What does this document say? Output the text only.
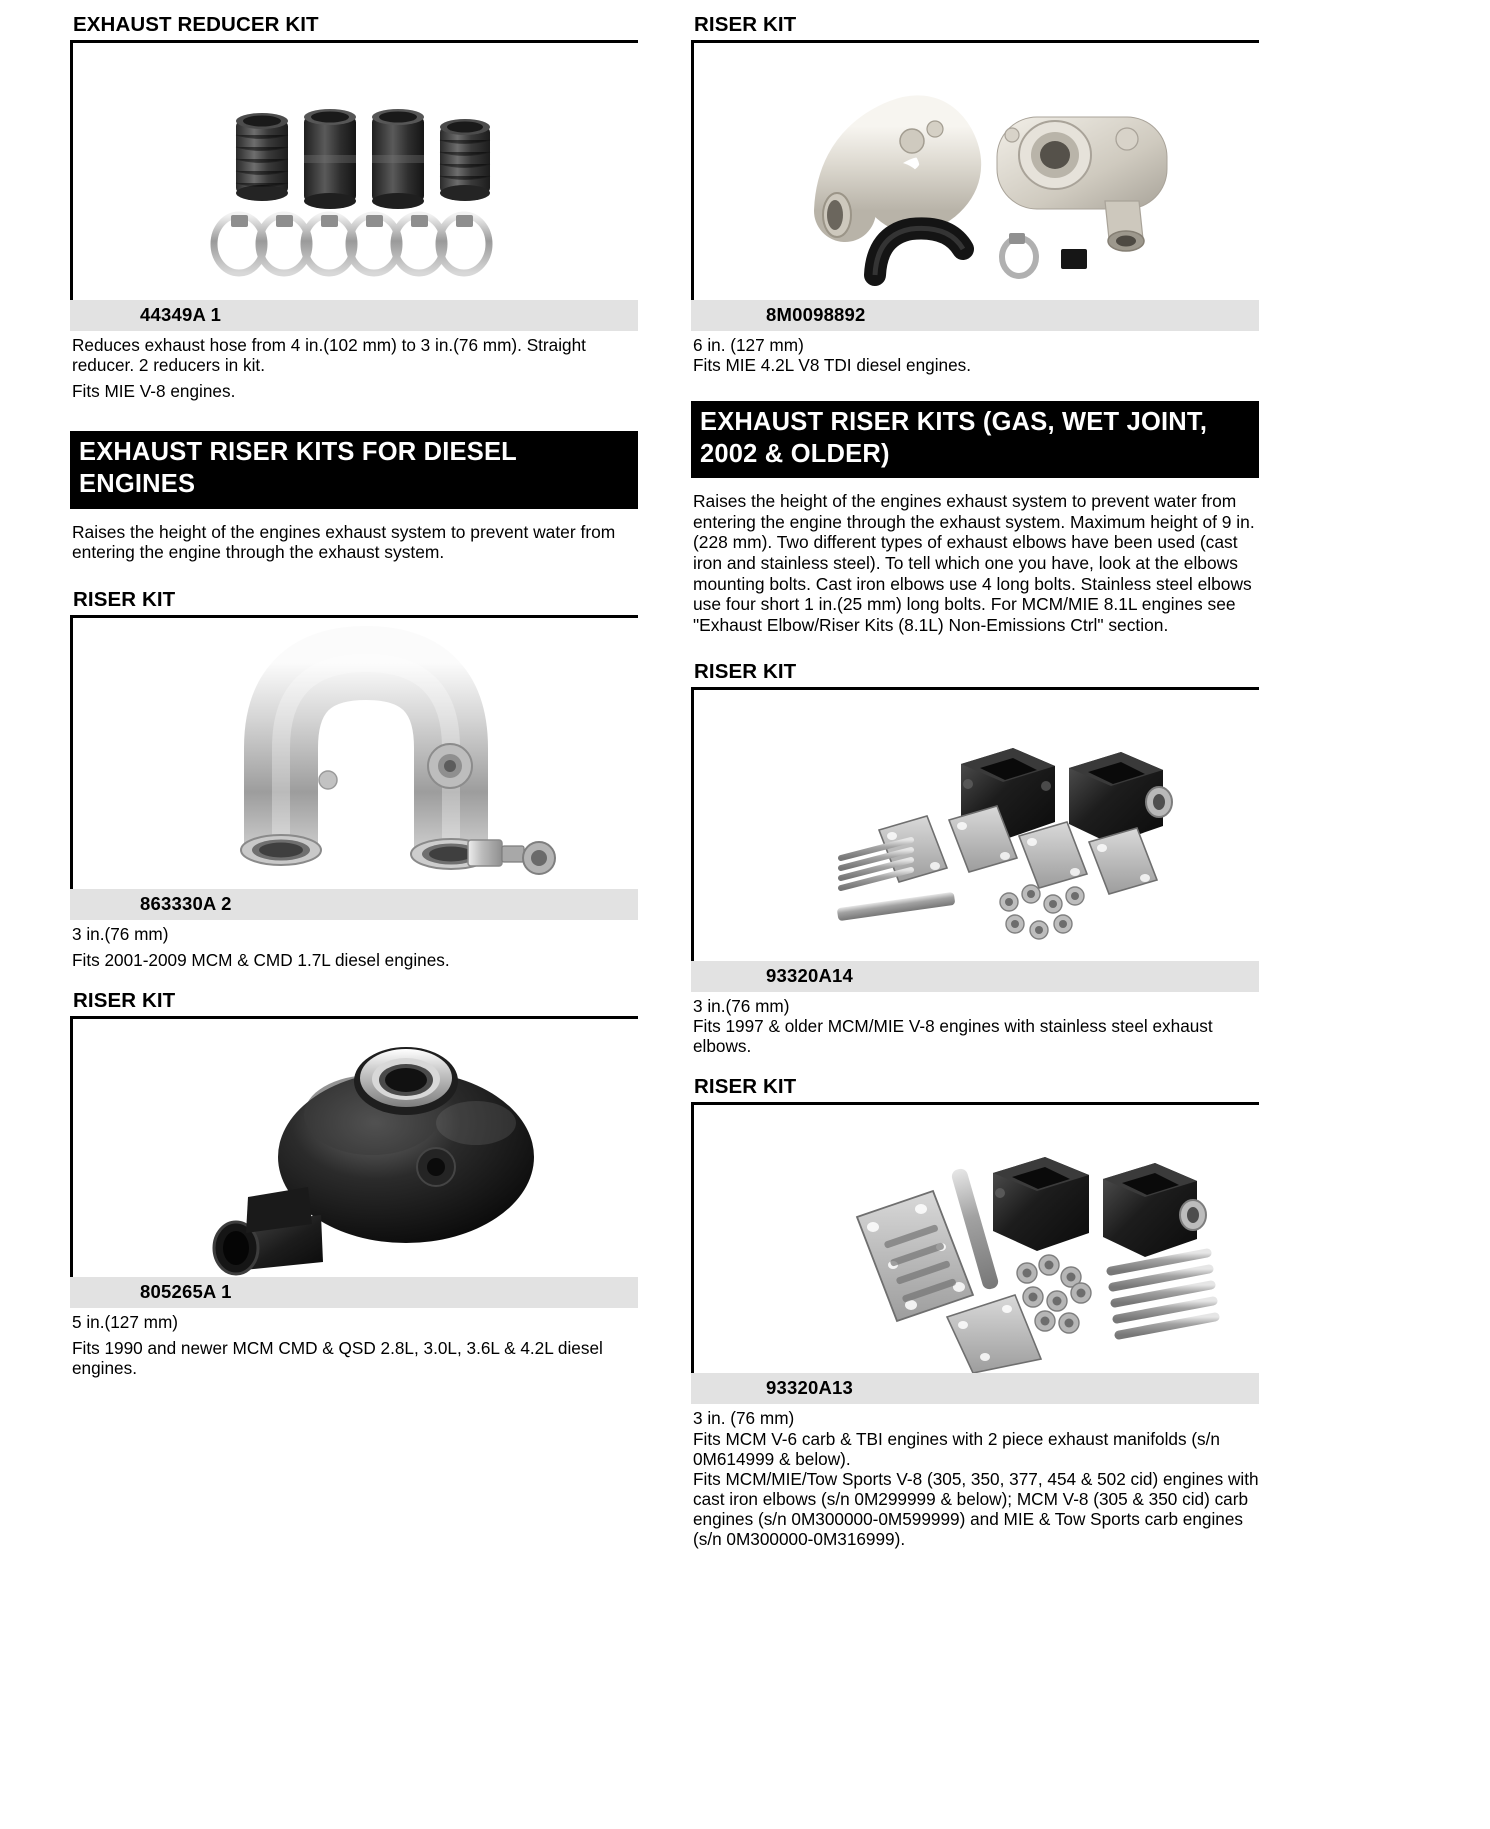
EXHAUST REDUCER KIT
44349A 1

Reduces exhaust hose from 4 in.(102 mm) to 3 in.(76 mm). Straight reducer. 2 reducers in kit.

Fits MIE V-8 engines.

EXHAUST RISER KITS FOR DIESEL ENGINES
Raises the height of the engines exhaust system to prevent water from entering the engine through the exhaust system.
RISER KIT
863330A 2

3 in.(76 mm)

Fits 2001-2009 MCM & CMD 1.7L diesel engines.

RISER KIT
805265A 1

5 in.(127 mm)

Fits 1990 and newer MCM CMD & QSD 2.8L, 3.0L, 3.6L & 4.2L diesel engines.

RISER KIT
8M0098892

6 in. (127 mm)

Fits MIE 4.2L V8 TDI diesel engines.

EXHAUST RISER KITS (GAS, WET JOINT, 2002 & OLDER)
Raises the height of the engines exhaust system to prevent water from entering the engine through the exhaust system. Maximum height of 9 in.(228 mm). Two different types of exhaust elbows have been used (cast iron and stainless steel). To tell which one you have, look at the elbows mounting bolts. Cast iron elbows use 4 long bolts. Stainless steel elbows use four short 1 in.(25 mm) long bolts. For MCM/MIE 8.1L engines see "Exhaust Elbow/Riser Kits (8.1L) Non-Emissions Ctrl" section.
RISER KIT
93320A14

3 in.(76 mm)

Fits 1997 & older MCM/MIE V-8 engines with stainless steel exhaust elbows.

RISER KIT
93320A13

3 in. (76 mm)

Fits MCM V-6 carb & TBI engines with 2 piece exhaust manifolds (s/n 0M614999 & below).

Fits MCM/MIE/Tow Sports V-8 (305, 350, 377, 454 & 502 cid) engines with cast iron elbows (s/n 0M299999 & below); MCM V-8 (305 & 350 cid) carb engines (s/n 0M300000-0M599999) and MIE & Tow Sports carb engines (s/n 0M300000-0M316999).
